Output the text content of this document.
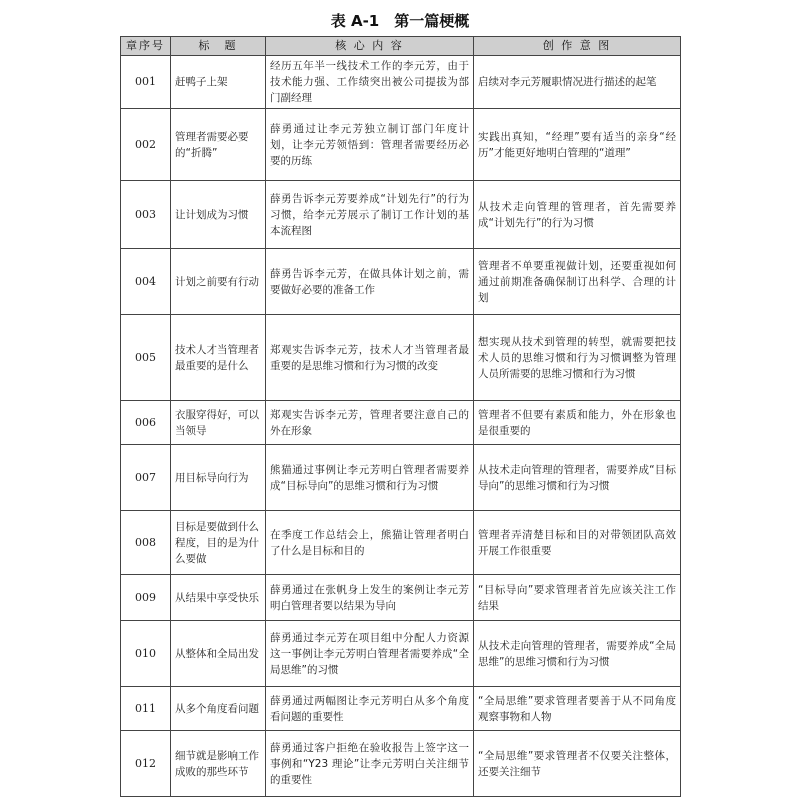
表 A-1　第一篇梗概
章序号	标　题	核 心 内 容	创 作 意 图
001	赶鸭子上架	经历五年半一线技术工作的李元芳，由于技术能力强、工作绩突出被公司提拔为部门副经理	启续对李元芳履职情况进行描述的起笔
002	管理者需要必要的“折腾”	薛勇通过让李元芳独立制订部门年度计划，让李元芳领悟到：管理者需要经历必要的历练	实践出真知，“经理”要有适当的亲身“经历”才能更好地明白管理的“道理”
003	让计划成为习惯	薛勇告诉李元芳要养成“计划先行”的行为习惯，给李元芳展示了制订工作计划的基本流程图	从技术走向管理的管理者，首先需要养成“计划先行”的行为习惯
004	计划之前要有行动	薛勇告诉李元芳，在做具体计划之前，需要做好必要的准备工作	管理者不单要重视做计划，还要重视如何通过前期准备确保制订出科学、合理的计划
005	技术人才当管理者最重要的是什么	郑观实告诉李元芳，技术人才当管理者最重要的是思维习惯和行为习惯的改变	想实现从技术到管理的转型，就需要把技术人员的思维习惯和行为习惯调整为管理人员所需要的思维习惯和行为习惯
006	衣服穿得好，可以当领导	郑观实告诉李元芳，管理者要注意自己的外在形象	管理者不但要有素质和能力，外在形象也是很重要的
007	用目标导向行为	熊猫通过事例让李元芳明白管理者需要养成“目标导向”的思维习惯和行为习惯	从技术走向管理的管理者，需要养成“目标导向”的思维习惯和行为习惯
008	目标是要做到什么程度，目的是为什么要做	在季度工作总结会上，熊猫让管理者明白了什么是目标和目的	管理者弄清楚目标和目的对带领团队高效开展工作很重要
009	从结果中享受快乐	薛勇通过在张帆身上发生的案例让李元芳明白管理者要以结果为导向	“目标导向”要求管理者首先应该关注工作结果
010	从整体和全局出发	薛勇通过李元芳在项目组中分配人力资源这一事例让李元芳明白管理者需要养成“全局思维”的习惯	从技术走向管理的管理者，需要养成“全局思维”的思维习惯和行为习惯
011	从多个角度看问题	薛勇通过两幅图让李元芳明白从多个角度看问题的重要性	“全局思维”要求管理者要善于从不同角度观察事物和人物
012	细节就是影响工作成败的那些环节	薛勇通过客户拒绝在验收报告上签字这一事例和“Y23 理论”让李元芳明白关注细节的重要性	“全局思维”要求管理者不仅要关注整体，还要关注细节
